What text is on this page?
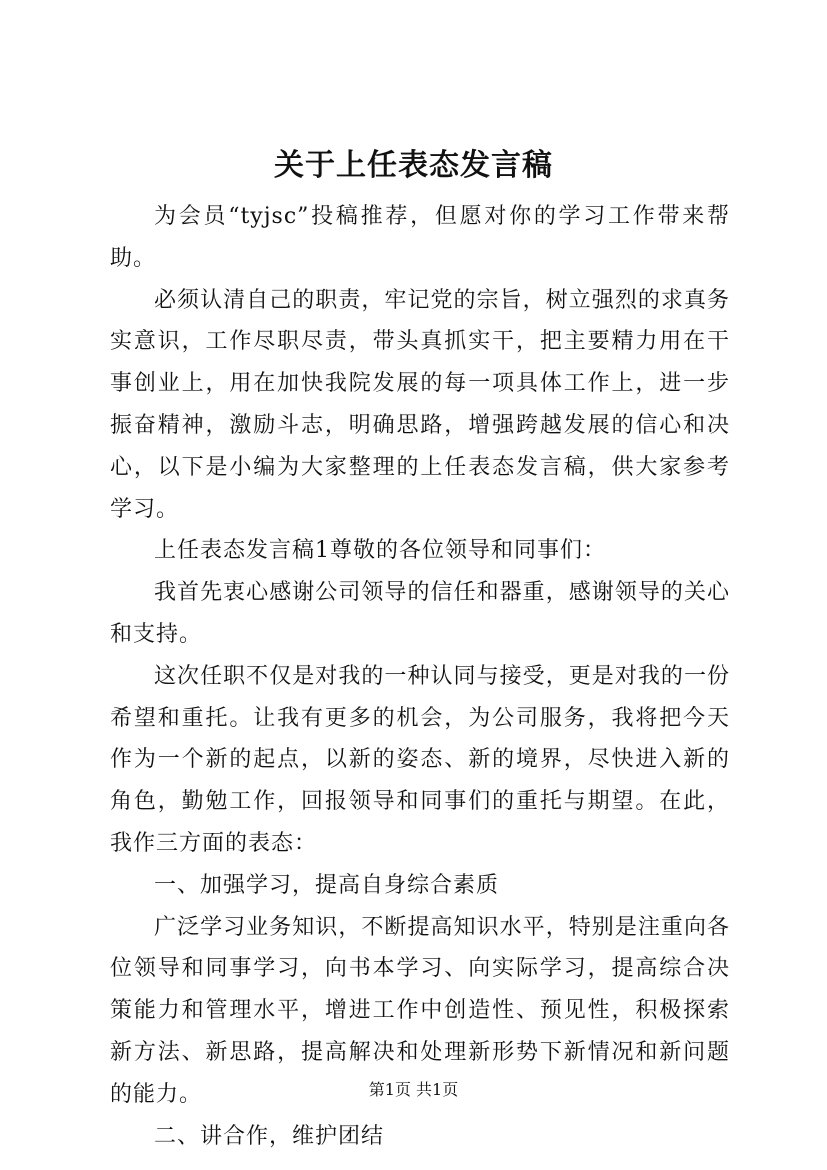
关于上任表态发言稿

为会员“tyjsc”投稿推荐，但愿对你的学习工作带来帮助。

必须认清自己的职责，牢记党的宗旨，树立强烈的求真务实意识，工作尽职尽责，带头真抓实干，把主要精力用在干事创业上，用在加快我院发展的每一项具体工作上，进一步振奋精神，激励斗志，明确思路，增强跨越发展的信心和决心，以下是小编为大家整理的上任表态发言稿，供大家参考学习。

上任表态发言稿1尊敬的各位领导和同事们：

我首先衷心感谢公司领导的信任和器重，感谢领导的关心和支持。

这次任职不仅是对我的一种认同与接受，更是对我的一份希望和重托。让我有更多的机会，为公司服务，我将把今天作为一个新的起点，以新的姿态、新的境界，尽快进入新的角色，勤勉工作，回报领导和同事们的重托与期望。在此，我作三方面的表态：

一、加强学习，提高自身综合素质

广泛学习业务知识，不断提高知识水平，特别是注重向各位领导和同事学习，向书本学习、向实际学习，提高综合决策能力和管理水平，增进工作中创造性、预见性，积极探索新方法、新思路，提高解决和处理新形势下新情况和新问题的能力。

二、讲合作，维护团结

第1页 共1页
